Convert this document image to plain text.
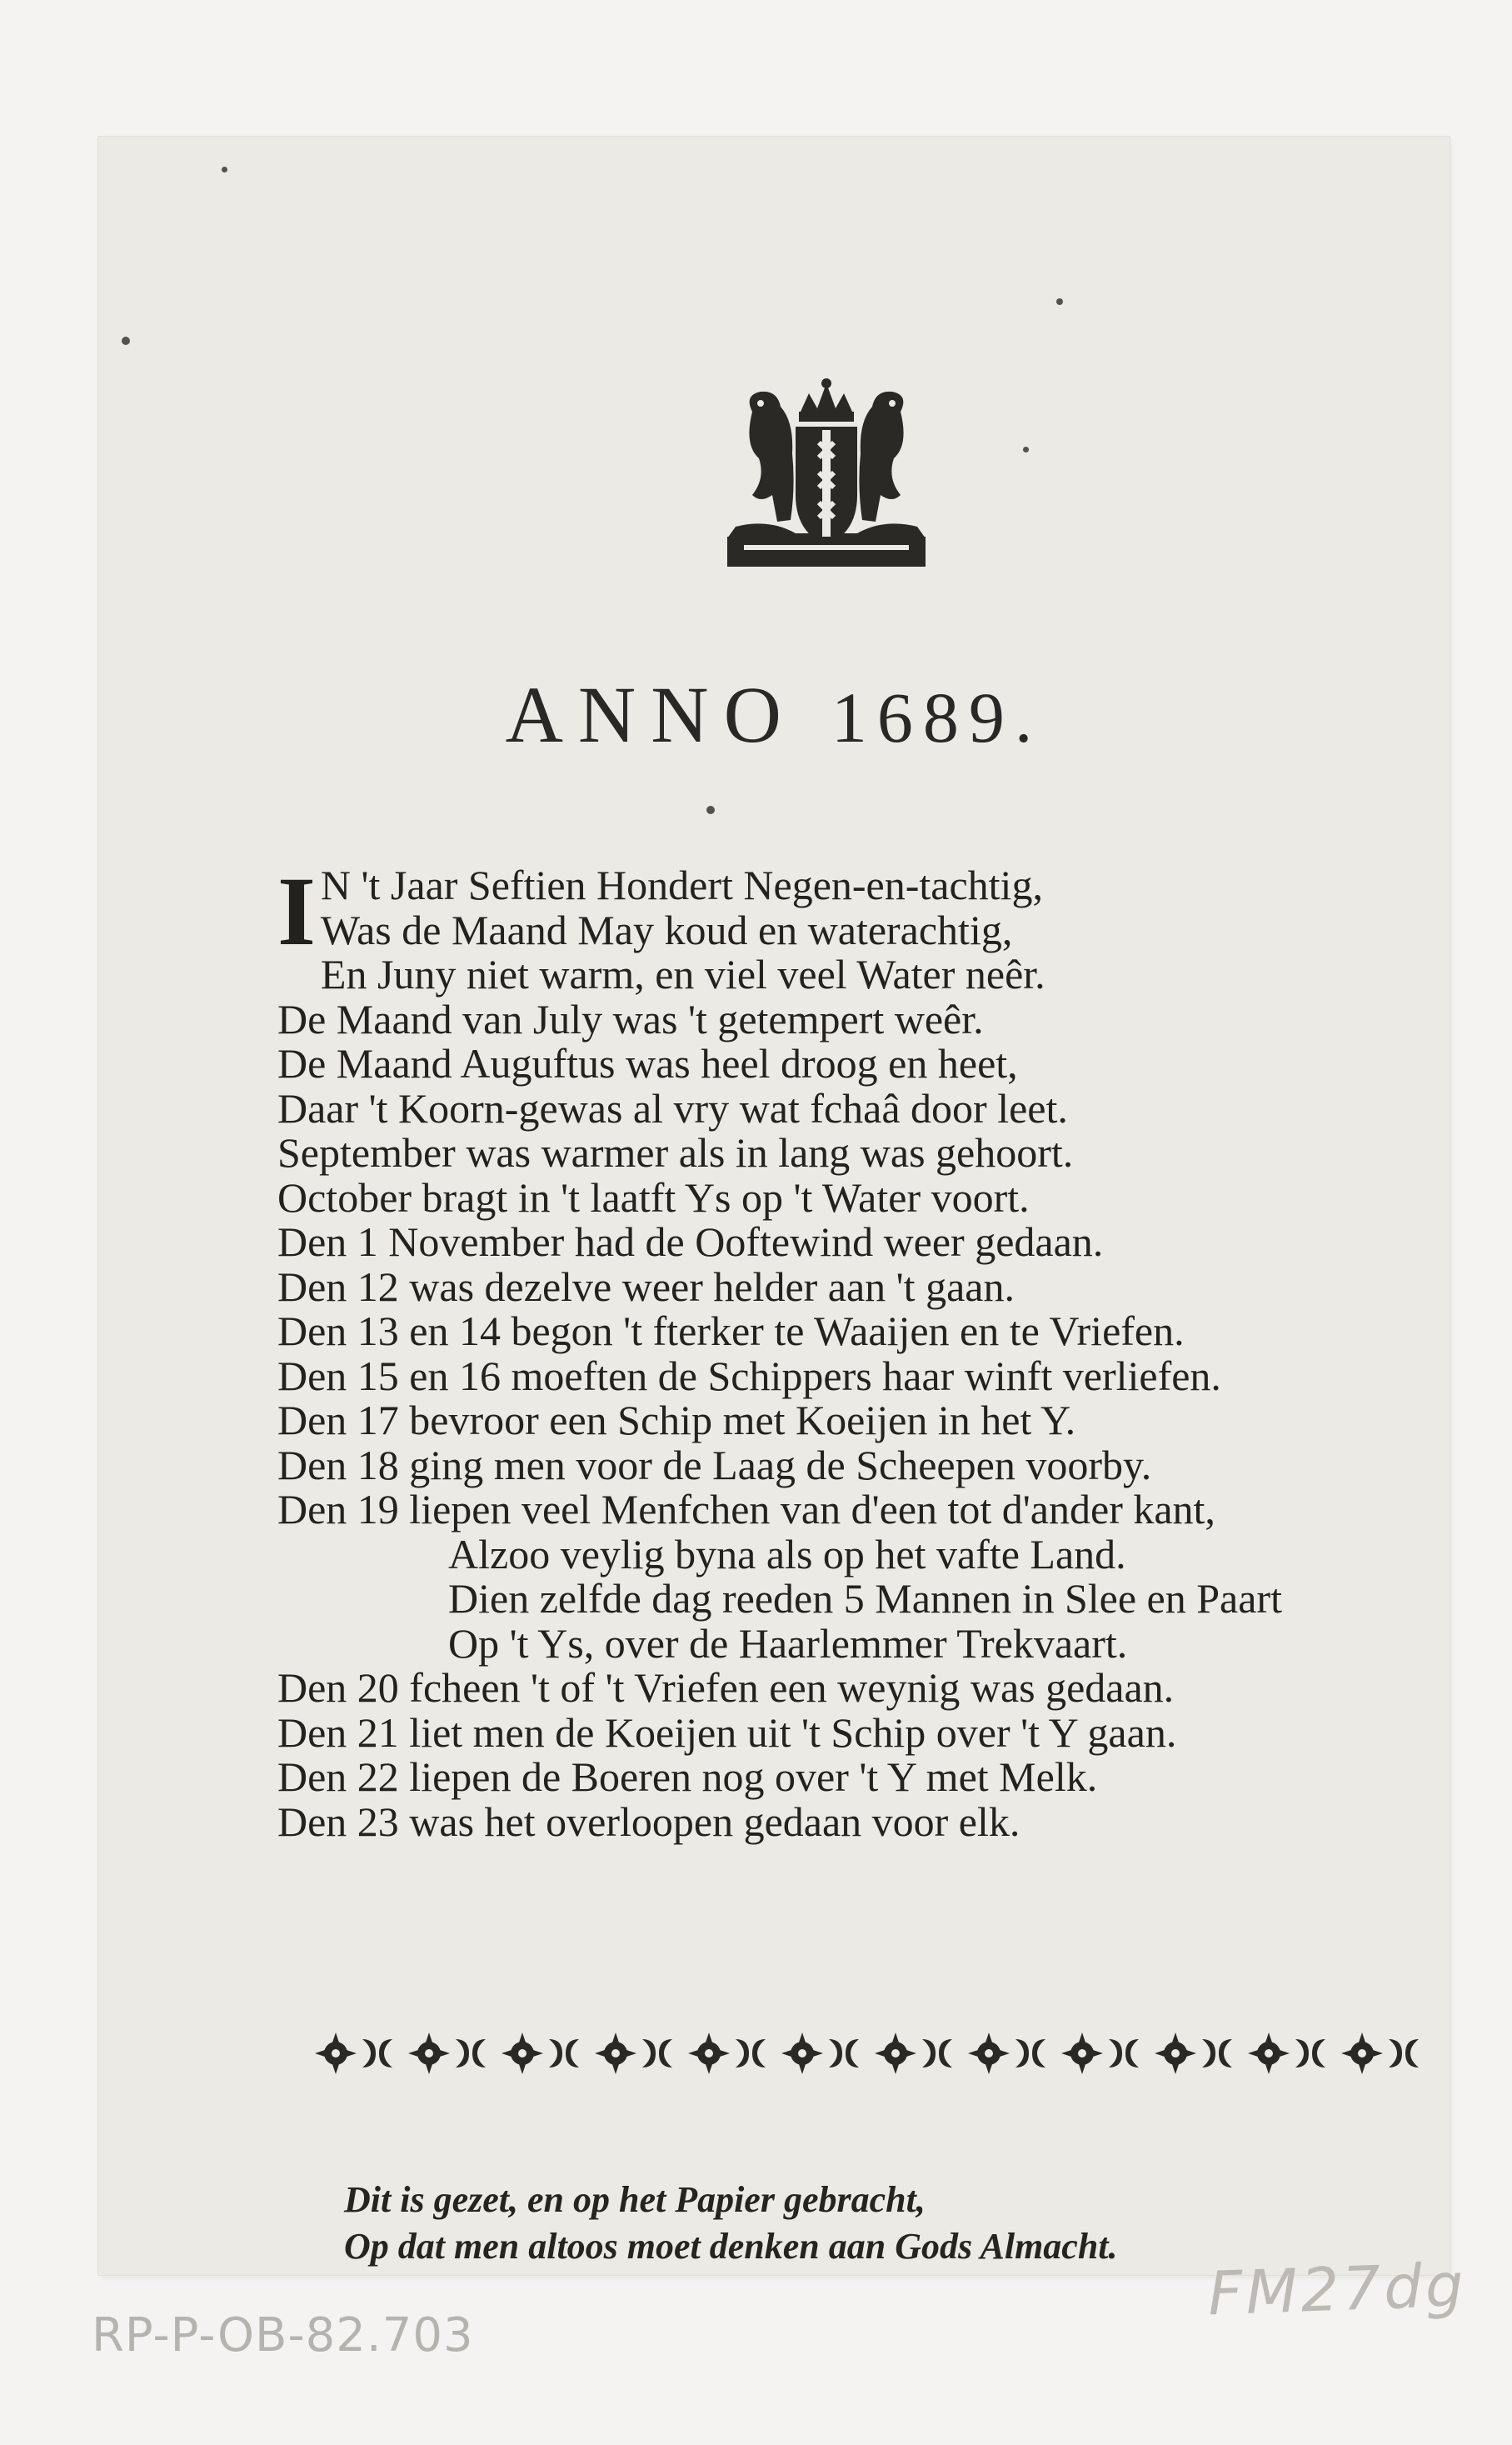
ANNO 1689.
I N 't Jaar Seftien Hondert Negen-en-tachtig,
Was de Maand May koud en waterachtig,
En Juny niet warm, en viel veel Water neêr.
De Maand van July was 't getempert weêr.
De Maand Auguftus was heel droog en heet,
Daar 't Koorn-gewas al vry wat fchaâ door leet.
September was warmer als in lang was gehoort.
October bragt in 't laatft Ys op 't Water voort.
Den 1 November had de Ooftewind weer gedaan.
Den 12 was dezelve weer helder aan 't gaan.
Den 13 en 14 begon 't fterker te Waaijen en te Vriefen.
Den 15 en 16 moeften de Schippers haar winft verliefen.
Den 17 bevroor een Schip met Koeijen in het Y.
Den 18 ging men voor de Laag de Scheepen voorby.
Den 19 liepen veel Menfchen van d'een tot d'ander kant,
Alzoo veylig byna als op het vafte Land.
Dien zelfde dag reeden 5 Mannen in Slee en Paart
Op 't Ys, over de Haarlemmer Trekvaart.
Den 20 fcheen 't of 't Vriefen een weynig was gedaan.
Den 21 liet men de Koeijen uit 't Schip over 't Y gaan.
Den 22 liepen de Boeren nog over 't Y met Melk.
Den 23 was het overloopen gedaan voor elk.
Dit is gezet, en op het Papier gebracht,
Op dat men altoos moet denken aan Gods Almacht.
RP-P-OB-82.703
FM27dg
